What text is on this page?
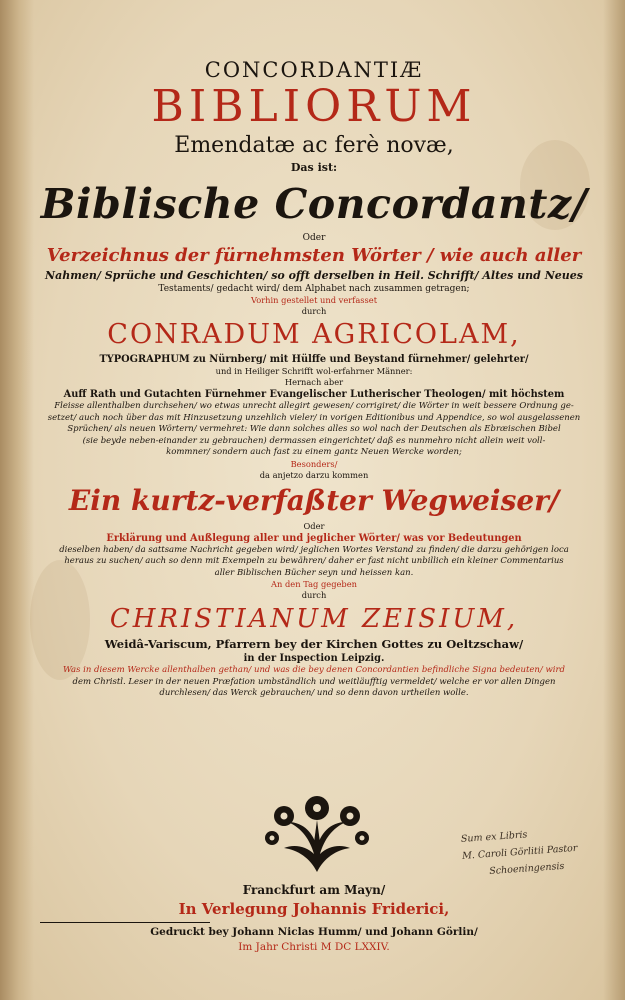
CONCORDANTIÆ
BIBLIORUM
Emendatæ ac ferè novæ,
Das ist:
Biblische Concordantz/
Oder
Verzeichnus der fürnehmsten Wörter / wie auch aller
Nahmen/ Sprüche und Geschichten/ so offt derselben in Heil. Schrifft/ Altes und Neues
Testaments/ gedacht wird/ dem Alphabet nach zusammen getragen;
Vorhin gestellet und verfasset
durch
CONRADUM AGRICOLAM,
TYPOGRAPHUM zu Nürnberg/ mit Hülffe und Beystand fürnehmer/ gelehrter/
und in Heiliger Schrifft wol-erfahrner Männer:
Hernach aber
Auff Rath und Gutachten Fürnehmer Evangelischer Lutherischer Theologen/ mit höchstem
Fleisse allenthalben durchsehen/ wo etwas unrecht allegirt gewesen/ corrigiret/ die Wörter in weit bessere Ordnung ge-
setzet/ auch noch über das mit Hinzusetzung unzehlich vieler/ in vorigen Editionibus und Appendice, so wol ausgelassenen
Sprüchen/ als neuen Wörtern/ vermehret: Wie dann solches alles so wol nach der Deutschen als Ebræischen Bibel
(sie beyde neben-einander zu gebrauchen) dermassen eingerichtet/ daß es nunmehro nicht allein weit voll-
kommner/ sondern auch fast zu einem gantz Neuen Wercke worden;
Besonders/
da anjetzo darzu kommen
Ein kurtz-verfaßter Wegweiser/
Oder
Erklärung und Außlegung aller und jeglicher Wörter/ was vor Bedeutungen
dieselben haben/ da sattsame Nachricht gegeben wird/ jeglichen Wortes Verstand zu finden/ die darzu gehörigen loca
heraus zu suchen/ auch so denn mit Exempeln zu bewähren/ daher er fast nicht unbillich ein kleiner Commentarius
aller Biblischen Bücher seyn und heissen kan.
An den Tag gegeben
durch
CHRISTIANUM ZEISIUM,
Weidâ-Variscum, Pfarrern bey der Kirchen Gottes zu Oeltzschaw/
in der Inspection Leipzig.
Was in diesem Wercke allenthalben gethan/ und was die bey denen Concordantien befindliche Signa bedeuten/ wird
dem Christl. Leser in der neuen Præfation umbständlich und weitläufftig vermeldet/ welche er vor allen Dingen
durchlesen/ das Werck gebrauchen/ und so denn davon urtheilen wolle.
Sum ex Libris
M. Caroli Görlitii Pastor
Schoeningensis
Franckfurt am Mayn/
In Verlegung Johannis Friderici,
Gedruckt bey Johann Niclas Humm/ und Johann Görlin/
Im Jahr Christi M DC LXXIV.
